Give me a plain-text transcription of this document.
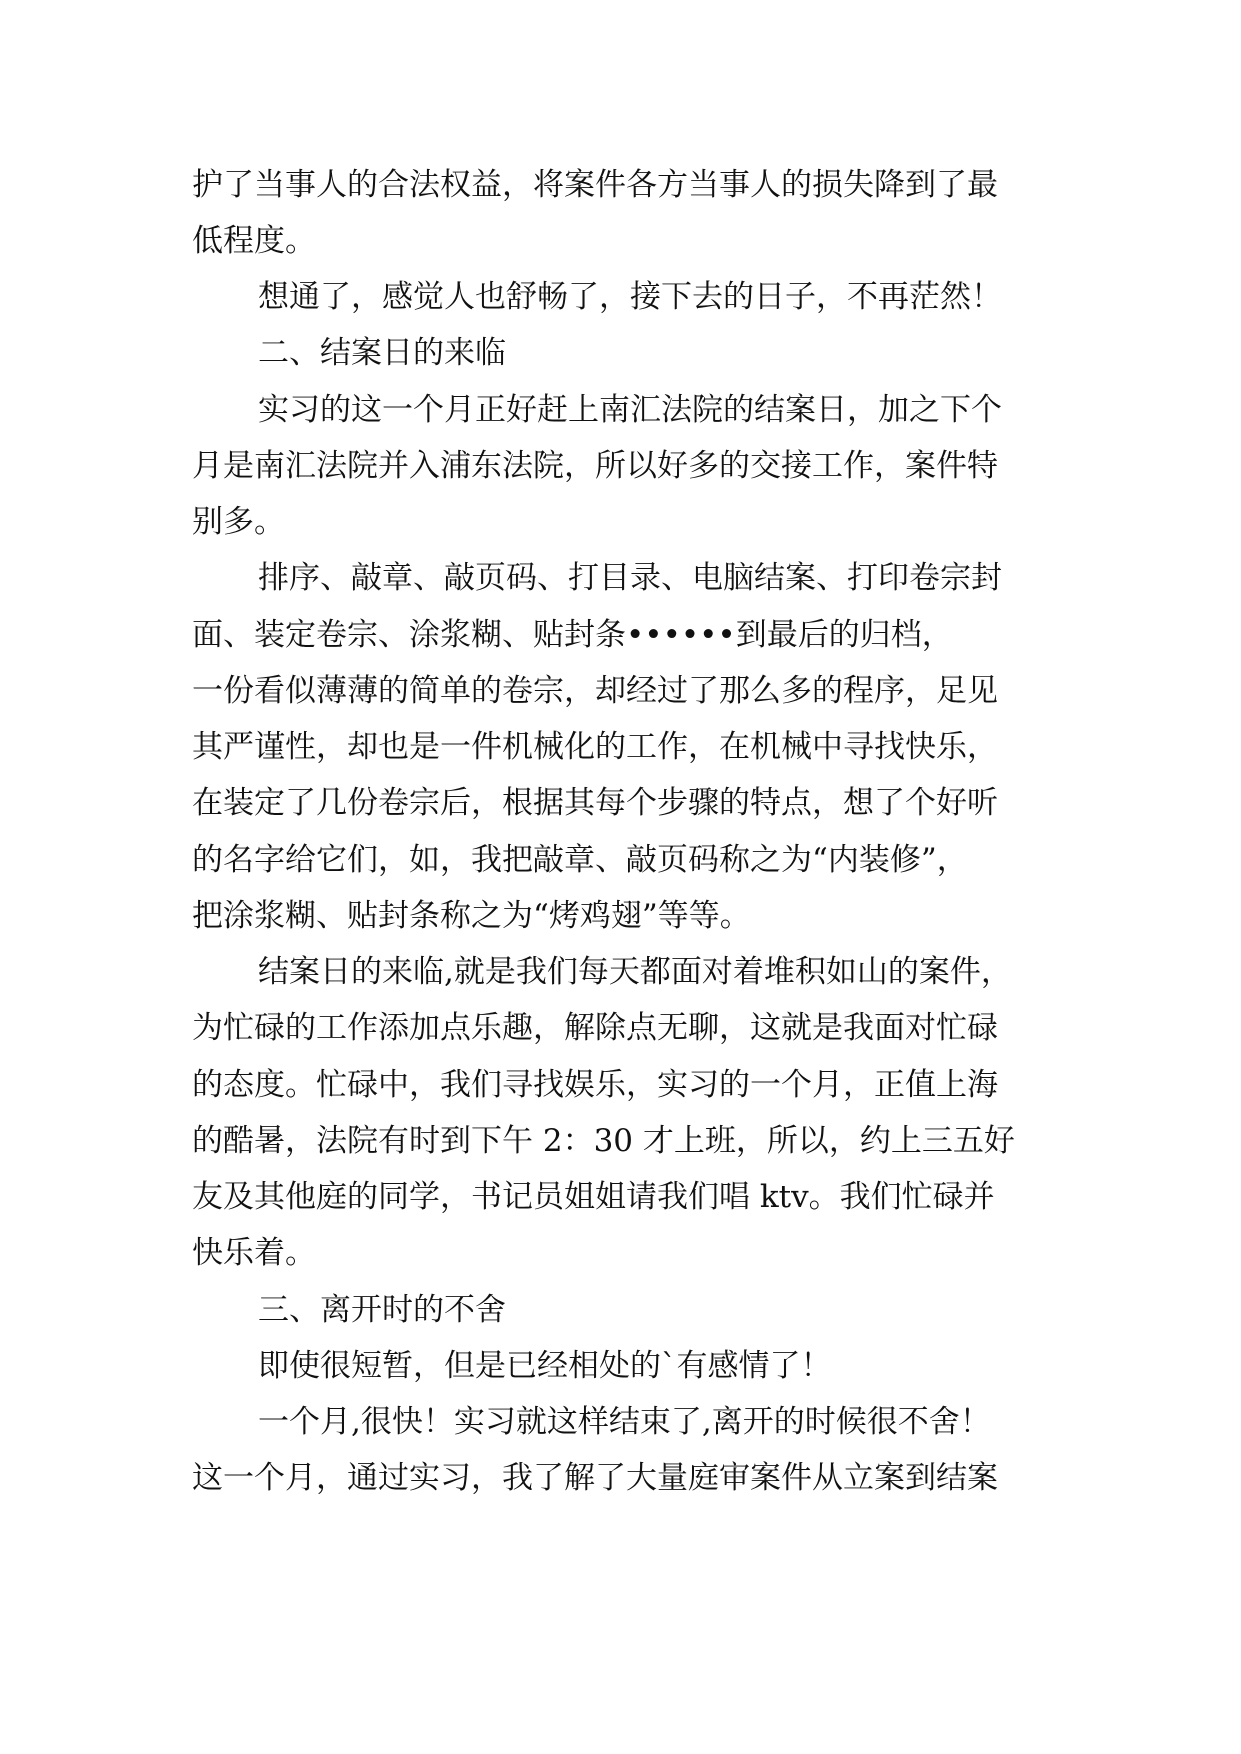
护了当事人的合法权益，将案件各方当事人的损失降到了最
低程度。
想通了，感觉人也舒畅了，接下去的日子，不再茫然！
二、结案日的来临
实习的这一个月正好赶上南汇法院的结案日，加之下个
月是南汇法院并入浦东法院，所以好多的交接工作，案件特
别多。
排序、敲章、敲页码、打目录、电脑结案、打印卷宗封
面、装定卷宗、涂浆糊、贴封条••••••到最后的归档，
一份看似薄薄的简单的卷宗，却经过了那么多的程序，足见
其严谨性，却也是一件机械化的工作，在机械中寻找快乐，
在装定了几份卷宗后，根据其每个步骤的特点，想了个好听
的名字给它们，如，我把敲章、敲页码称之为“内装修”，
把涂浆糊、贴封条称之为“烤鸡翅”等等。
结案日的来临,就是我们每天都面对着堆积如山的案件，
为忙碌的工作添加点乐趣，解除点无聊，这就是我面对忙碌
的态度。忙碌中，我们寻找娱乐，实习的一个月，正值上海
的酷暑，法院有时到下午 2：30 才上班，所以，约上三五好
友及其他庭的同学，书记员姐姐请我们唱 ktv。我们忙碌并
快乐着。
三、离开时的不舍
即使很短暂，但是已经相处的`有感情了！
一个月,很快！实习就这样结束了,离开的时候很不舍！
这一个月，通过实习，我了解了大量庭审案件从立案到结案
